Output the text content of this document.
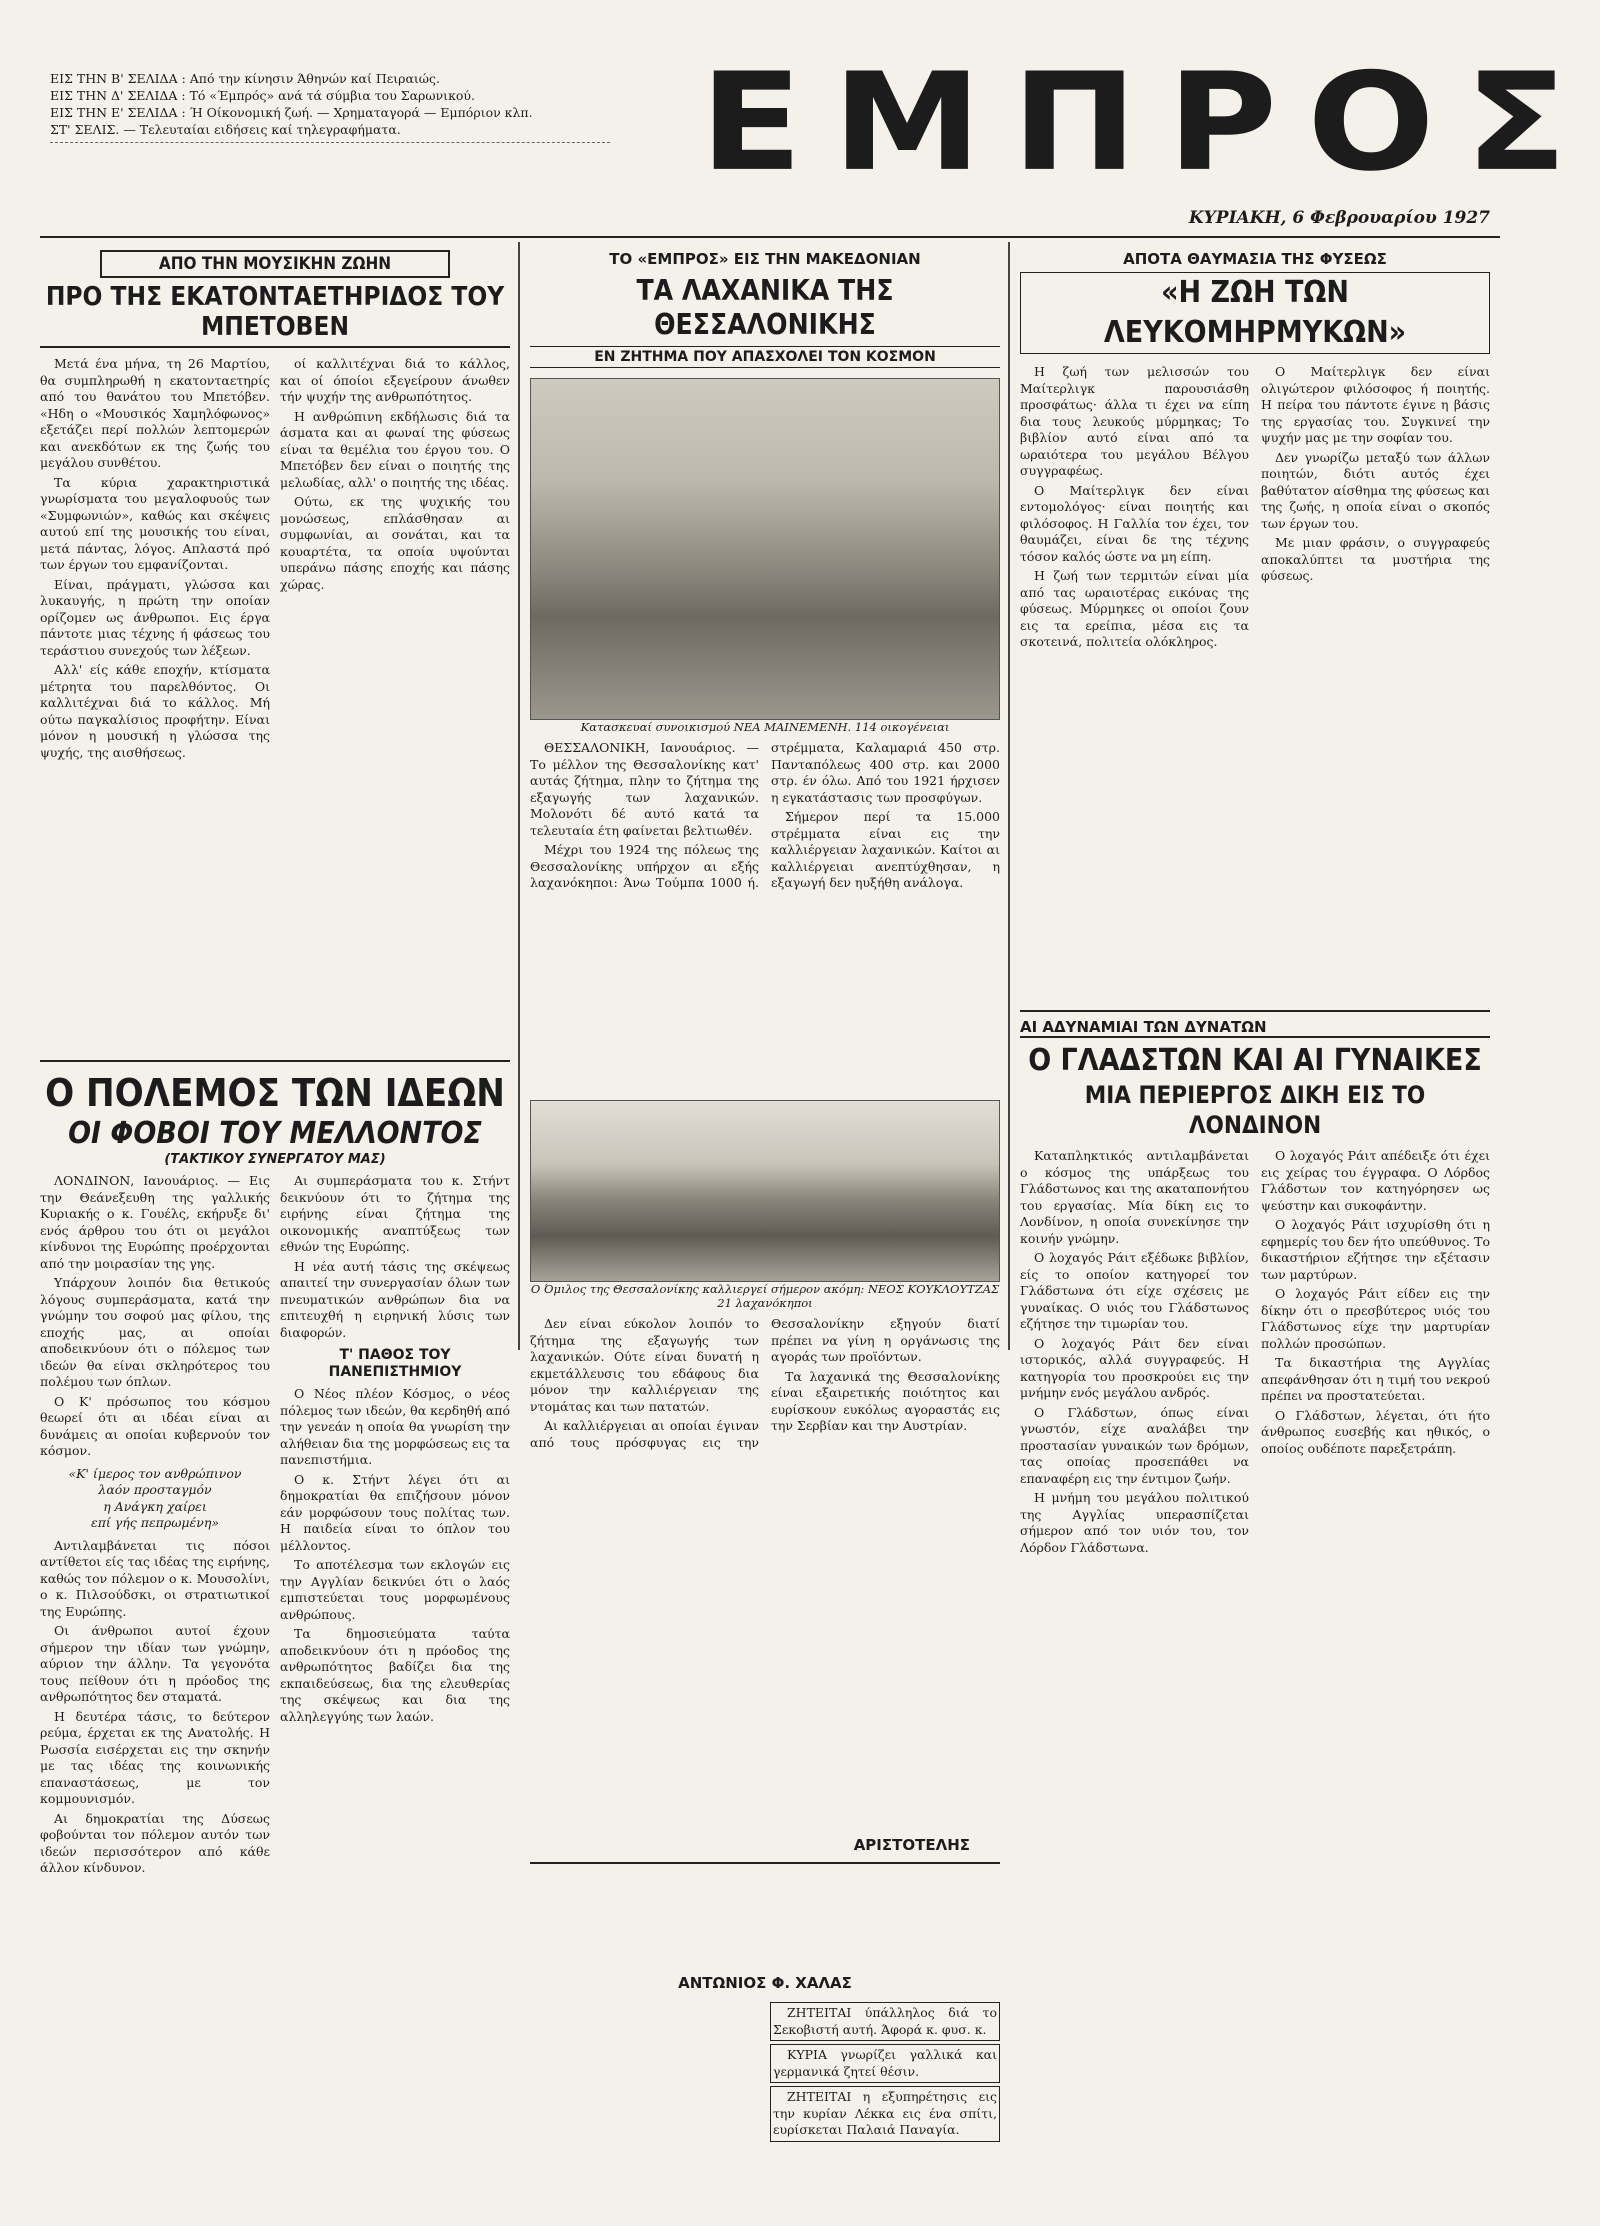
ΕΙΣ ΤΗΝ Β' ΣΕΛΙΔΑ : Από την κίνησιν Άθηνών καί Πειραιώς.
ΕΙΣ ΤΗΝ Δ' ΣΕΛΙΔΑ : Τό «Έμπρός» ανά τά σύμβια του Σαρωνικού.
ΕΙΣ ΤΗΝ Ε' ΣΕΛΙΔΑ : Ή Οίκονομική ζωή. — Χρηματαγορά — Εμπόριον κλπ.
ΣΤ' ΣΕΛΙΣ. — Τελευταίαι ειδήσεις καί τηλεγραφήματα.	ΕΜΠΡΟΣ
ΚΥΡΙΑΚΗ, 6 Φεβρουαρίου 1927
ΑΠΟ ΤΗΝ ΜΟΥΣΙΚΗΝ ΖΩΗΝ
ΠΡΟ ΤΗΣ ΕΚΑΤΟΝΤΑΕΤΗΡΙΔΟΣ ΤΟΥ ΜΠΕΤΟΒΕΝ

Μετά ένα μήνα, τη 26 Μαρτίου, θα συμπληρωθή η εκατονταετηρίς από του θανάτου του Μπετόβεν. «Ηδη ο «Μουσικός Χαμηλόφωνος» εξετάζει περί πολλών λεπτομερών και ανεκδότων εκ της ζωής του μεγάλου συνθέτου.

Τα κύρια χαρακτηριστικά γνωρίσματα του μεγαλοφυούς των «Συμφωνιών», καθώς και σκέψεις αυτού επί της μουσικής του είναι, μετά πάντας, λόγος. Απλαστά πρό των έργων του εμφανίζονται.

Είναι, πράγματι, γλώσσα και λυκαυγής, η πρώτη την οποίαν ορίζομεν ως άνθρωποι. Εις έργα πάντοτε μιας τέχνης ή φάσεως του τεράστιου συνεχούς των λέξεων.

Αλλ' είς κάθε εποχήν, κτίσματα μέτρητα του παρελθόντος. Οι καλλιτέχναι διά το κάλλος. Μή ούτω παγκαλίσιος προφήτην. Είναι μόνον η μουσική η γλώσσα της ψυχής, της αισθήσεως.

οί καλλιτέχναι διά το κάλλος, και οί όποίοι εξεγείρουν άνωθεν τήν ψυχήν της ανθρωπότητος.

Η ανθρώπινη εκδήλωσις διά τα άσματα και αι φωναί της φύσεως είναι τα θεμέλια του έργου του. Ο Μπετόβεν δεν είναι ο ποιητής της μελωδίας, αλλ' ο ποιητής της ιδέας.

Ούτω, εκ της ψυχικής του μονώσεως, επλάσθησαν αι συμφωνίαι, αι σονάται, και τα κουαρτέτα, τα οποία υψούνται υπεράνω πάσης εποχής και πάσης χώρας.

ΤΟ «ΕΜΠΡΟΣ» ΕΙΣ ΤΗΝ ΜΑΚΕΔΟΝΙΑΝ
ΤΑ ΛΑΧΑΝΙΚΑ ΤΗΣ ΘΕΣΣΑΛΟΝΙΚΗΣ
ΕΝ ΖΗΤΗΜΑ ΠΟΥ ΑΠΑΣΧΟΛΕΙ ΤΟΝ ΚΟΣΜΟΝ
Κατασκευαί συνοικισμού ΝΕΑ ΜΑΙΝΕΜΕΝΗ. 114 οικογένειαι

ΘΕΣΣΑΛΟΝΙΚΗ, Ιανουάριος. — Το μέλλον της Θεσσαλονίκης κατ' αυτάς ζήτημα, πλην το ζήτημα της εξαγωγής των λαχανικών. Μολονότι δέ αυτό κατά τα τελευταία έτη φαίνεται βελτιωθέν.

Μέχρι του 1924 της πόλεως της Θεσσαλονίκης υπήρχον αι εξής λαχανόκηποι: Άνω Τούμπα 1000 ή. στρέμματα, Καλαμαριά 450 στρ. Πανταπόλεως 400 στρ. και 2000 στρ. έν όλω. Από του 1921 ήρχισεν η εγκατάστασις των προσφύγων.

Σήμερον περί τα 15.000 στρέμματα είναι εις την καλλιέργειαν λαχανικών. Καίτοι αι καλλιέργειαι ανεπτύχθησαν, η εξαγωγή δεν ηυξήθη ανάλογα.

ΑΠΟΤΑ ΘΑΥΜΑΣΙΑ ΤΗΣ ΦΥΣΕΩΣ
«Η ΖΩΗ ΤΩΝ ΛΕΥΚΟΜΗΡΜΥΚΩΝ»

Η ζωή των μελισσών του Μαίτερλιγκ παρουσιάσθη προσφάτως· άλλα τι έχει να είπη δια τους λευκούς μύρμηκας; Το βιβλίον αυτό είναι από τα ωραιότερα του μεγάλου Βέλγου συγγραφέως.

Ο Μαίτερλιγκ δεν είναι εντομολόγος· είναι ποιητής και φιλόσοφος. Η Γαλλία τον έχει, τον θαυμάζει, είναι δε της τέχνης τόσον καλός ώστε να μη είπη.

Η ζωή των τερμιτών είναι μία από τας ωραιοτέρας εικόνας της φύσεως. Μύρμηκες οι οποίοι ζουν εις τα ερείπια, μέσα εις τα σκοτεινά, πολιτεία ολόκληρος.

Ο Μαίτερλιγκ δεν είναι ολιγώτερον φιλόσοφος ή ποιητής. Η πείρα του πάντοτε έγινε η βάσις της εργασίας του. Συγκινεί την ψυχήν μας με την σοφίαν του.

Δεν γνωρίζω μεταξύ των άλλων ποιητών, διότι αυτός έχει βαθύτατον αίσθημα της φύσεως και της ζωής, η οποία είναι ο σκοπός των έργων του.

Με μιαν φράσιν, ο συγγραφεύς αποκαλύπτει τα μυστήρια της φύσεως.

Ο ΠΟΛΕΜΟΣ ΤΩΝ ΙΔΕΩΝ
ΟΙ ΦΟΒΟΙ ΤΟΥ ΜΕΛΛΟΝΤΟΣ
(ΤΑΚΤΙΚΟΥ ΣΥΝΕΡΓΑΤΟΥ ΜΑΣ)

ΛΟΝΔΙΝΟΝ, Ιανουάριος. — Εις την Θεάνεξευθη της γαλλικής Κυριακής ο κ. Γουέλς, εκήρυξε δι' ενός άρθρου του ότι οι μεγάλοι κίνδυνοι της Ευρώπης προέρχονται από την μοιρασίαν της γης.

Υπάρχουν λοιπόν δια θετικούς λόγους συμπεράσματα, κατά την γνώμην του σοφού μας φίλου, της εποχής μας, αι οποίαι αποδεικνύουν ότι ο πόλεμος των ιδεών θα είναι σκληρότερος του πολέμου των όπλων.

Ο Κ' πρόσωπος του κόσμου θεωρεί ότι αι ιδέαι είναι αι δυνάμεις αι οποίαι κυβερνούν τον κόσμον.

«Κ' ίμερος τον ανθρώπινον
λαόν προσταγμόν
η Ανάγκη χαίρει
επί γής πεπρωμένη»

Αντιλαμβάνεται τις πόσοι αντίθετοι είς τας ιδέας της ειρήνης, καθώς τον πόλεμον ο κ. Μουσολίνι, ο κ. Πιλσούδσκι, οι στρατιωτικοί της Ευρώπης.

Οι άνθρωποι αυτοί έχουν σήμερον την ιδίαν των γνώμην, αύριον την άλλην. Τα γεγονότα τους πείθουν ότι η πρόοδος της ανθρωπότητος δεν σταματά.

Η δευτέρα τάσις, το δεύτερον ρεύμα, έρχεται εκ της Ανατολής. Η Ρωσσία εισέρχεται εις την σκηνήν με τας ιδέας της κοινωνικής επαναστάσεως, με τον κομμουνισμόν.

Αι δημοκρατίαι της Δύσεως φοβούνται τον πόλεμον αυτόν των ιδεών περισσότερον από κάθε άλλον κίνδυνον.

Αι συμπεράσματα του κ. Στήντ δεικνύουν ότι το ζήτημα της ειρήνης είναι ζήτημα της οικονομικής αναπτύξεως των εθνών της Ευρώπης.

Η νέα αυτή τάσις της σκέψεως απαιτεί την συνεργασίαν όλων των πνευματικών ανθρώπων δια να επιτευχθή η ειρηνική λύσις των διαφορών.

Τ' ΠΑΘΟΣ ΤΟΥ ΠΑΝΕΠΙΣΤΗΜΙΟΥ

Ο Νέος πλέον Κόσμος, ο νέος πόλεμος των ιδεών, θα κερδηθή από την γενεάν η οποία θα γνωρίση την αλήθειαν δια της μορφώσεως εις τα πανεπιστήμια.

Ο κ. Στήντ λέγει ότι αι δημοκρατίαι θα επιζήσουν μόνον εάν μορφώσουν τους πολίτας των. Η παιδεία είναι το όπλον του μέλλοντος.

Το αποτέλεσμα των εκλογών εις την Αγγλίαν δεικνύει ότι ο λαός εμπιστεύεται τους μορφωμένους ανθρώπους.

Τα δημοσιεύματα ταύτα αποδεικνύουν ότι η πρόοδος της ανθρωπότητος βαδίζει δια της εκπαιδεύσεως, δια της ελευθερίας της σκέψεως και δια της αλληλεγγύης των λαών.

Ο Όμιλος της Θεσσαλονίκης καλλιεργεί σήμερον ακόμη: ΝΕΟΣ ΚΟΥΚΛΟΥΤΖΑΣ 21 λαχανόκηποι

Δεν είναι εύκολον λοιπόν το ζήτημα της εξαγωγής των λαχανικών. Ούτε είναι δυνατή η εκμετάλλευσις του εδάφους δια μόνον την καλλιέργειαν της ντομάτας και των πατατών.

Αι καλλιέργειαι αι οποίαι έγιναν από τους πρόσφυγας εις την Θεσσαλονίκην εξηγούν διατί πρέπει να γίνη η οργάνωσις της αγοράς των προϊόντων.

Τα λαχανικά της Θεσσαλονίκης είναι εξαιρετικής ποιότητος και ευρίσκουν ευκόλως αγοραστάς εις την Σερβίαν και την Αυστρίαν.

ΑΡΙΣΤΟΤΕΛΗΣ
ΑΝΤΩΝΙΟΣ Φ. ΧΑΛΑΣ

ΖΗΤΕΙΤΑΙ ύπάλληλος διά το Σεκοβιστή αυτή. Άφορά κ. φυσ. κ.

ΚΥΡΙΑ γνωρίζει γαλλικά και γερμανικά ζητεί θέσιν.

ΖΗΤΕΙΤΑΙ η εξυπηρέτησις εις την κυρίαν Λέκκα εις ένα σπίτι, ευρίσκεται Παλαιά Παναγία.

ΑΙ ΑΔΥΝΑΜΙΑΙ ΤΩΝ ΔΥΝΑΤΩΝ
Ο ΓΛΑΔΣΤΩΝ ΚΑΙ ΑΙ ΓΥΝΑΙΚΕΣ
ΜΙΑ ΠΕΡΙΕΡΓΟΣ ΔΙΚΗ ΕΙΣ ΤΟ ΛΟΝΔΙΝΟΝ

Καταπληκτικός αντιλαμβάνεται ο κόσμος της υπάρξεως του Γλάδστωνος και της ακαταπονήτου του εργασίας. Μία δίκη εις το Λονδίνον, η οποία συνεκίνησε την κοινήν γνώμην.

Ο λοχαγός Ράιτ εξέδωκε βιβλίον, είς το οποίον κατηγορεί τον Γλάδστωνα ότι είχε σχέσεις με γυναίκας. Ο υιός του Γλάδστωνος εζήτησε την τιμωρίαν του.

Ο λοχαγός Ράιτ δεν είναι ιστορικός, αλλά συγγραφεύς. Η κατηγορία του προσκρούει εις την μνήμην ενός μεγάλου ανδρός.

Ο Γλάδστων, όπως είναι γνωστόν, είχε αναλάβει την προστασίαν γυναικών των δρόμων, τας οποίας προσεπάθει να επαναφέρη εις την έντιμον ζωήν.

Η μνήμη του μεγάλου πολιτικού της Αγγλίας υπερασπίζεται σήμερον από τον υιόν του, τον Λόρδον Γλάδστωνα.

Ο λοχαγός Ράιτ απέδειξε ότι έχει εις χείρας του έγγραφα. Ο Λόρδος Γλάδστων τον κατηγόρησεν ως ψεύστην και συκοφάντην.

Ο λοχαγός Ράιτ ισχυρίσθη ότι η εφημερίς του δεν ήτο υπεύθυνος. Το δικαστήριον εζήτησε την εξέτασιν των μαρτύρων.

Ο λοχαγός Ράιτ είδεν εις την δίκην ότι ο πρεσβύτερος υιός του Γλάδστωνος είχε την μαρτυρίαν πολλών προσώπων.

Τα δικαστήρια της Αγγλίας απεφάνθησαν ότι η τιμή του νεκρού πρέπει να προστατεύεται.

Ο Γλάδστων, λέγεται, ότι ήτο άνθρωπος ευσεβής και ηθικός, ο οποίος ουδέποτε παρεξετράπη.
